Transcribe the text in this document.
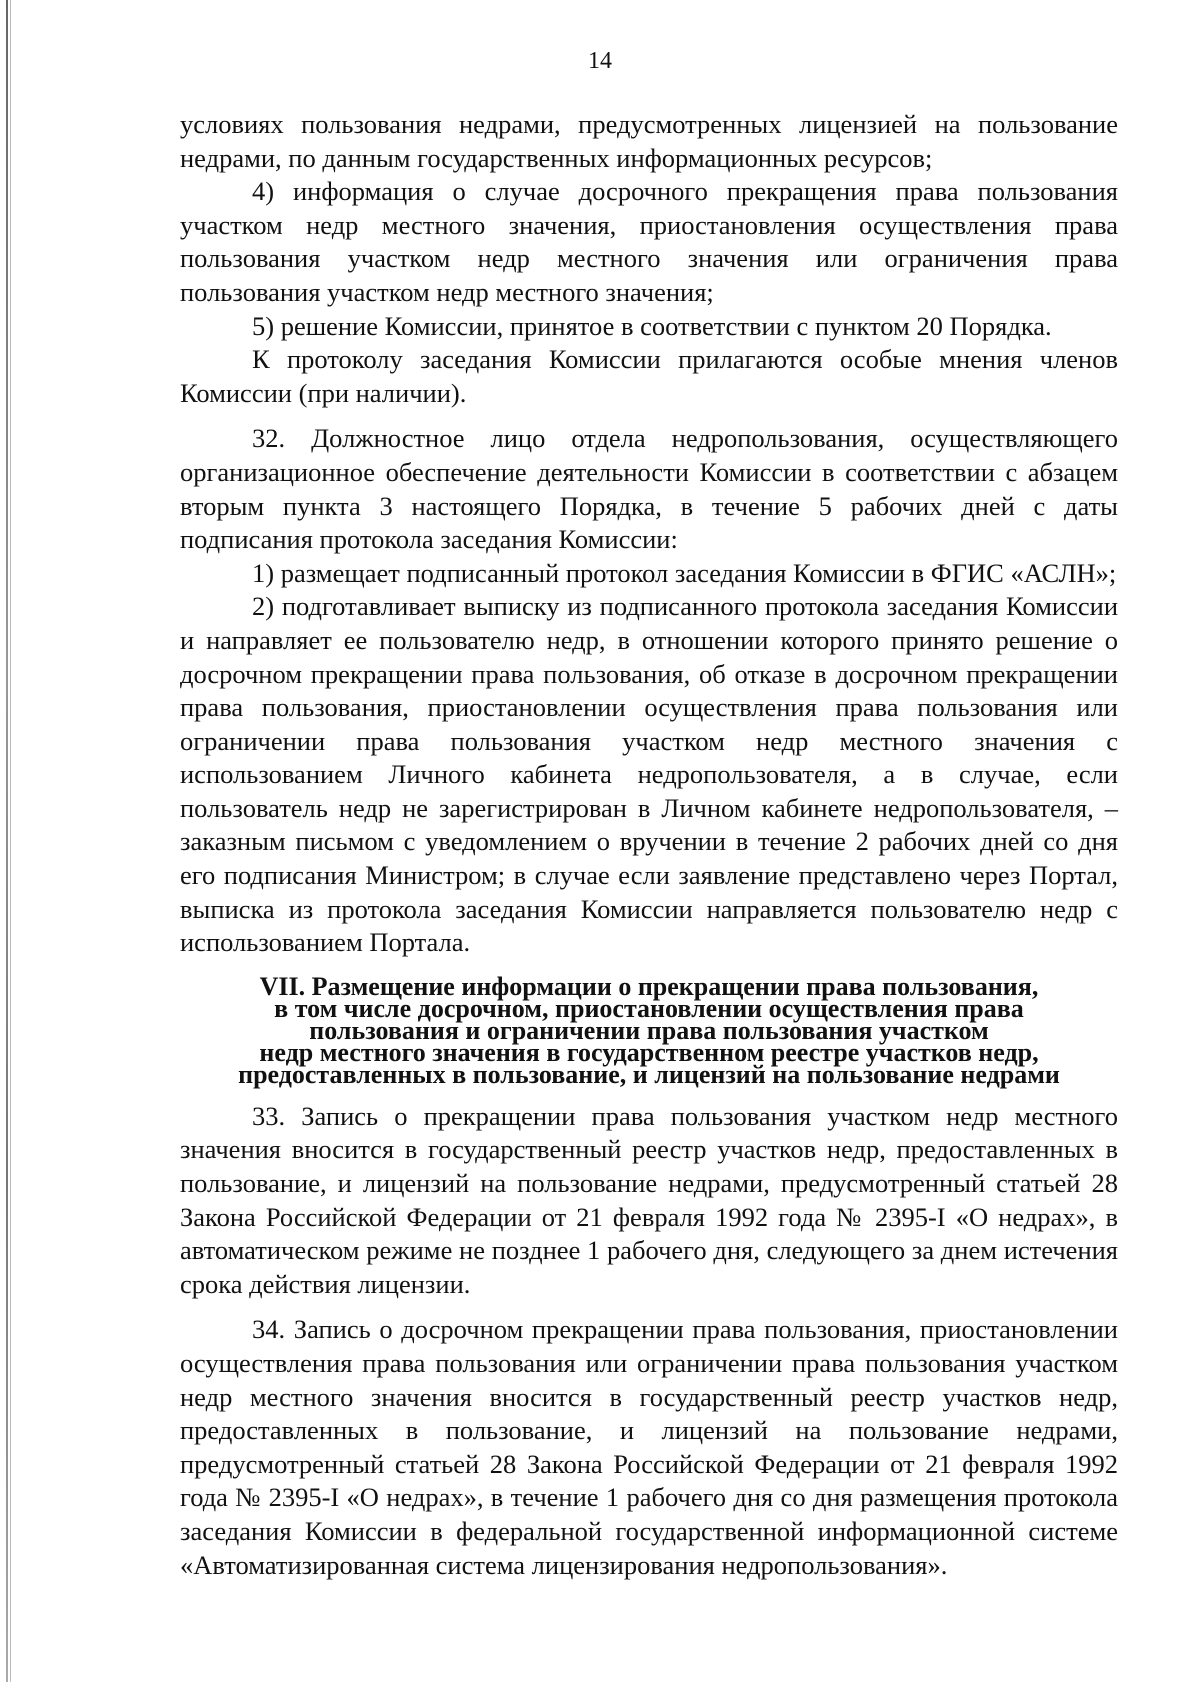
14

условиях пользования недрами, предусмотренных лицензией на пользование недрами, по данным государственных информационных ресурсов;

4) информация о случае досрочного прекращения права пользования участком недр местного значения, приостановления осуществления права пользования участком недр местного значения или ограничения права пользования участком недр местного значения;

5) решение Комиссии, принятое в соответствии с пунктом 20 Порядка.

К протоколу заседания Комиссии прилагаются особые мнения членов Комиссии (при наличии).

32. Должностное лицо отдела недропользования, осуществляющего организационное обеспечение деятельности Комиссии в соответствии с абзацем вторым пункта 3 настоящего Порядка, в течение 5 рабочих дней с даты подписания протокола заседания Комиссии:

1) размещает подписанный протокол заседания Комиссии в ФГИС «АСЛН»;

2) подготавливает выписку из подписанного протокола заседания Комиссии и направляет ее пользователю недр, в отношении которого принято решение о досрочном прекращении права пользования, об отказе в досрочном прекращении права пользования, приостановлении осуществления права пользования или ограничении права пользования участком недр местного значения с использованием Личного кабинета недропользователя, а в случае, если пользователь недр не зарегистрирован в Личном кабинете недропользователя, – заказным письмом с уведомлением о вручении в течение 2 рабочих дней со дня его подписания Министром; в случае если заявление представлено через Портал, выписка из протокола заседания Комиссии направляется пользователю недр с использованием Портала.

VII. Размещение информации о прекращении права пользования,
в том числе досрочном, приостановлении осуществления права
пользования и ограничении права пользования участком
недр местного значения в государственном реестре участков недр,
предоставленных в пользование, и лицензий на пользование недрами

33. Запись о прекращении права пользования участком недр местного значения вносится в государственный реестр участков недр, предоставленных в пользование, и лицензий на пользование недрами, предусмотренный статьей 28 Закона Российской Федерации от 21 февраля 1992 года № 2395-I «О недрах», в автоматическом режиме не позднее 1 рабочего дня, следующего за днем истечения срока действия лицензии.

34. Запись о досрочном прекращении права пользования, приостановлении осуществления права пользования или ограничении права пользования участком недр местного значения вносится в государственный реестр участков недр, предоставленных в пользование, и лицензий на пользование недрами, предусмотренный статьей 28 Закона Российской Федерации от 21 февраля 1992 года № 2395-I «О недрах», в течение 1 рабочего дня со дня размещения протокола заседания Комиссии в федеральной государственной информационной системе «Автоматизированная система лицензирования недропользования».
